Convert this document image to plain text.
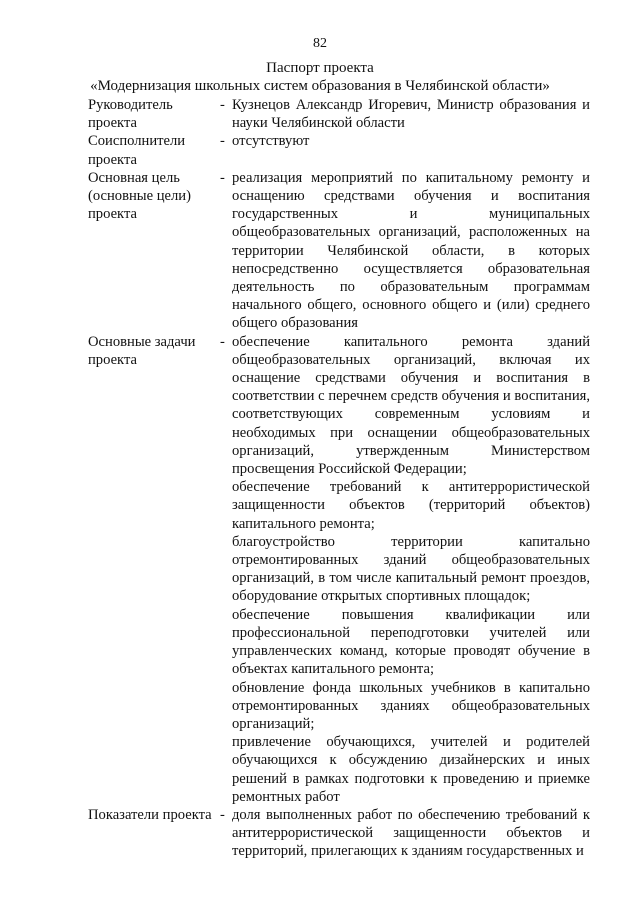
82
Паспорт проекта
«Модернизация школьных систем образования в Челябинской области»
Руководитель проекта
- Кузнецов Александр Игоревич, Министр образования и науки Челябинской области
Соисполнители проекта
- отсутствуют
Основная цель (основные цели) проекта
- реализация мероприятий по капитальному ремонту и оснащению средствами обучения и воспитания государственных и муниципальных общеобразовательных организаций, расположенных на территории Челябинской области, в которых непосредственно осуществляется образовательная деятельность по образовательным программам начального общего, основного общего и (или) среднего общего образования
Основные задачи проекта
- обеспечение капитального ремонта зданий общеобразовательных организаций, включая их оснащение средствами обучения и воспитания в соответствии с перечнем средств обучения и воспитания, соответствующих современным условиям и необходимых при оснащении общеобразовательных организаций, утвержденным Министерством просвещения Российской Федерации;
обеспечение требований к антитеррористической защищенности объектов (территорий объектов) капитального ремонта;
благоустройство территории капитально отремонтированных зданий общеобразовательных организаций, в том числе капитальный ремонт проездов, оборудование открытых спортивных площадок;
обеспечение повышения квалификации или профессиональной переподготовки учителей или управленческих команд, которые проводят обучение в объектах капитального ремонта;
обновление фонда школьных учебников в капитально отремонтированных зданиях общеобразовательных организаций;
привлечение обучающихся, учителей и родителей обучающихся к обсуждению дизайнерских и иных решений в рамках подготовки к проведению и приемке ремонтных работ
Показатели проекта - доля выполненных работ по обеспечению требований к антитеррористической защищенности объектов и территорий, прилегающих к зданиям государственных и
